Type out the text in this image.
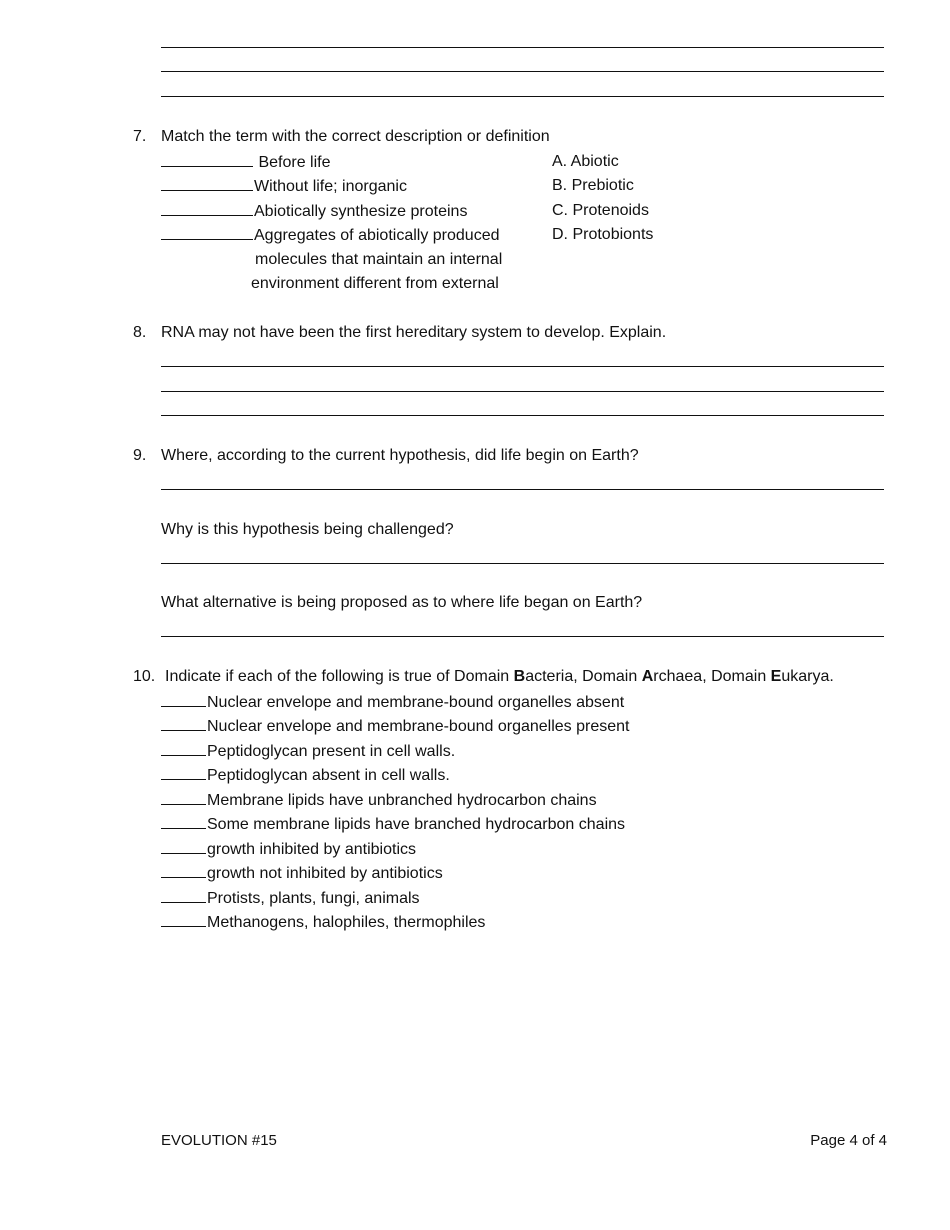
7. Match the term with the correct description or definition
Before life
Without life; inorganic
Abiotically synthesize proteins
Aggregates of abiotically produced
molecules that maintain an internal
environment different from external
A. Abiotic
B. Prebiotic
C. Protenoids
D. Protobionts
8. RNA may not have been the first hereditary system to develop. Explain.
9. Where, according to the current hypothesis, did life begin on Earth?
Why is this hypothesis being challenged?
What alternative is being proposed as to where life began on Earth?
10. Indicate if each of the following is true of Domain Bacteria, Domain Archaea, Domain Eukarya.
Nuclear envelope and membrane-bound organelles absent
Nuclear envelope and membrane-bound organelles present
Peptidoglycan present in cell walls.
Peptidoglycan absent in cell walls.
Membrane lipids have unbranched hydrocarbon chains
Some membrane lipids have branched hydrocarbon chains
growth inhibited by antibiotics
growth not inhibited by antibiotics
Protists, plants, fungi, animals
Methanogens, halophiles, thermophiles
EVOLUTION #15	Page 4 of 4
